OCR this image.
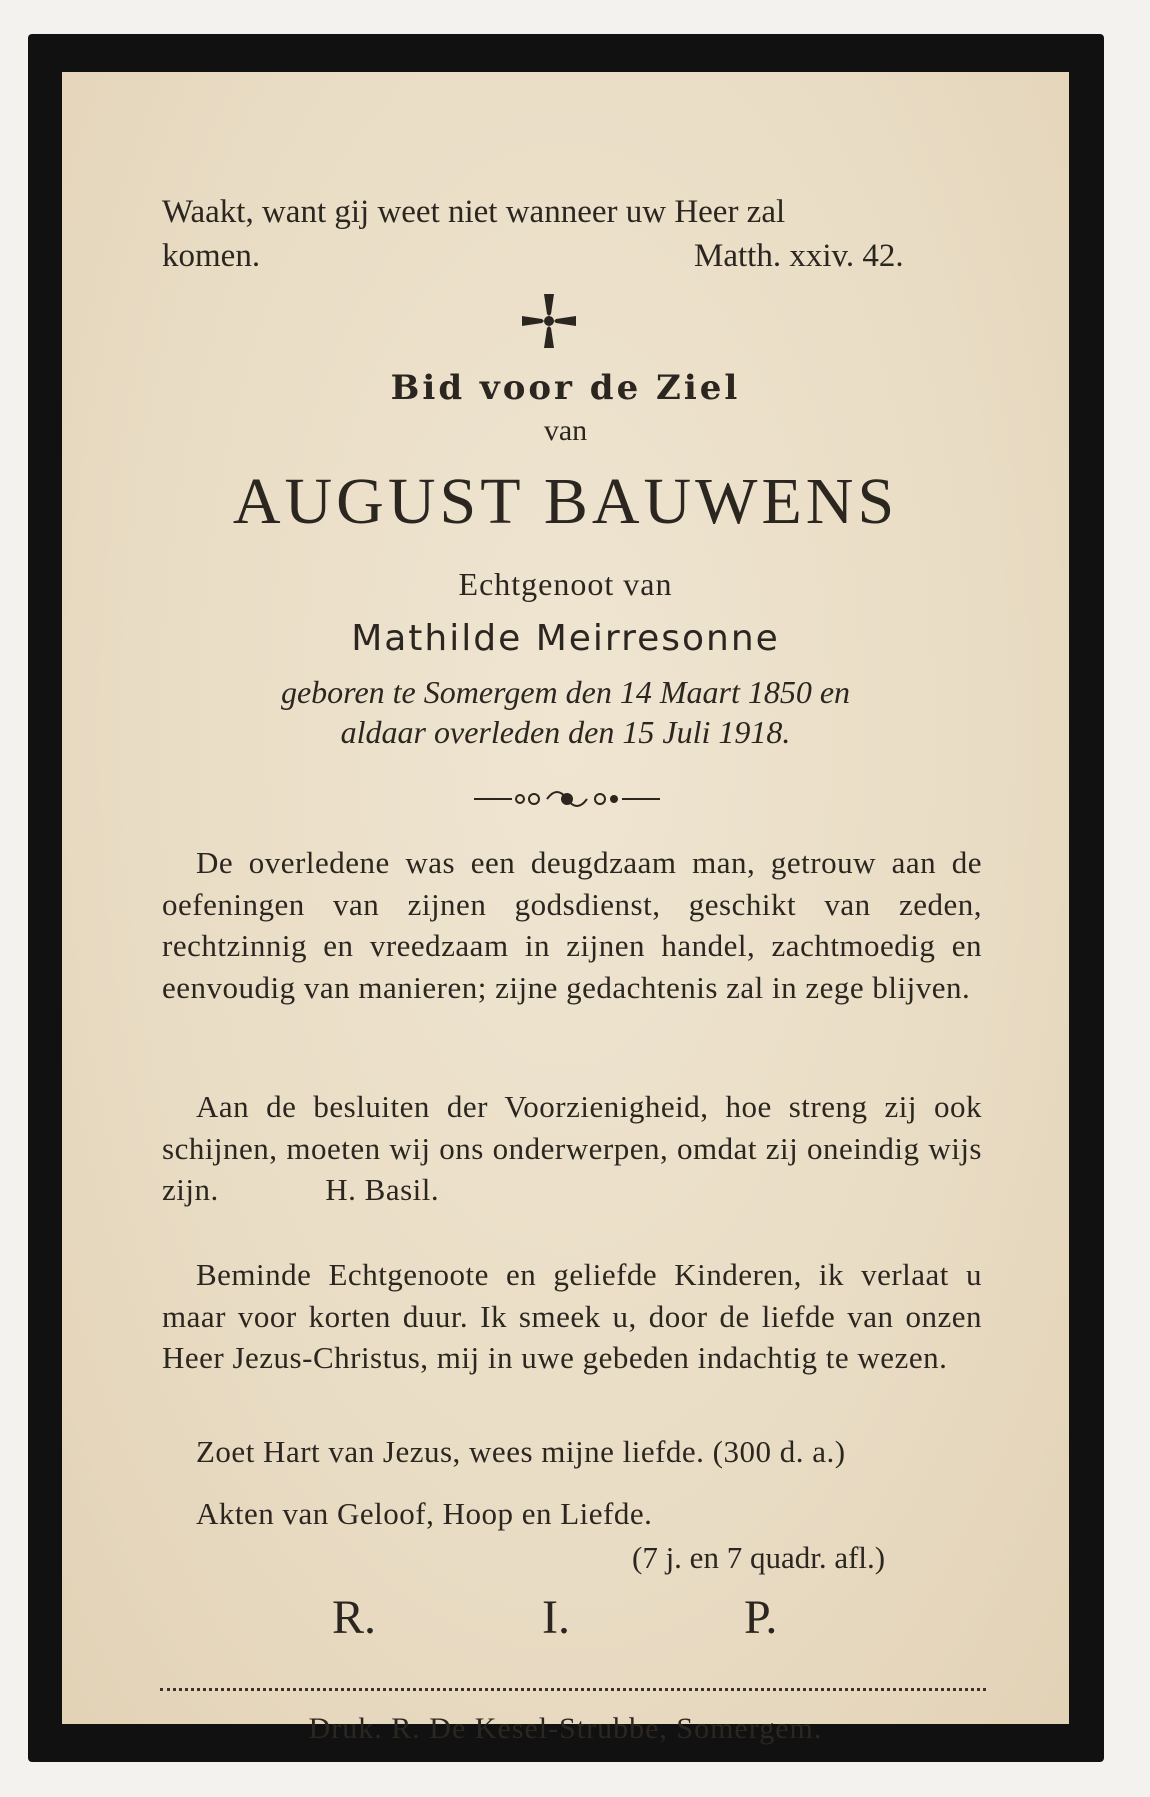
Waakt, want gij weet niet wanneer uw Heer zal
komen.	Matth. xxiv. 42.
Bid voor de Ziel
van
AUGUST BAUWENS
Echtgenoot van
Mathilde Meirresonne
geboren te Somergem den 14 Maart 1850 en
aldaar overleden den 15 Juli 1918.
De overledene was een deugdzaam man, getrouw aan de oefeningen van zijnen godsdienst, geschikt van zeden, rechtzinnig en vreedzaam in zijnen handel, zachtmoedig en eenvoudig van manieren; zijne gedachtenis zal in zege blijven.
Aan de besluiten der Voorzienigheid, hoe streng zij ook schijnen, moeten wij ons onderwerpen, omdat zij oneindig wijs zijn.	H. Basil.
Beminde Echtgenoote en geliefde Kinderen, ik verlaat u maar voor korten duur. Ik smeek u, door de liefde van onzen Heer Jezus-Christus, mij in uwe gebeden indachtig te wezen.
Zoet Hart van Jezus, wees mijne liefde. (300 d. a.)
Akten van Geloof, Hoop en Liefde.
(7 j. en 7 quadr. afl.)
R.	I.	P.
Druk. R. De Kesel-Strubbe, Somergem.
